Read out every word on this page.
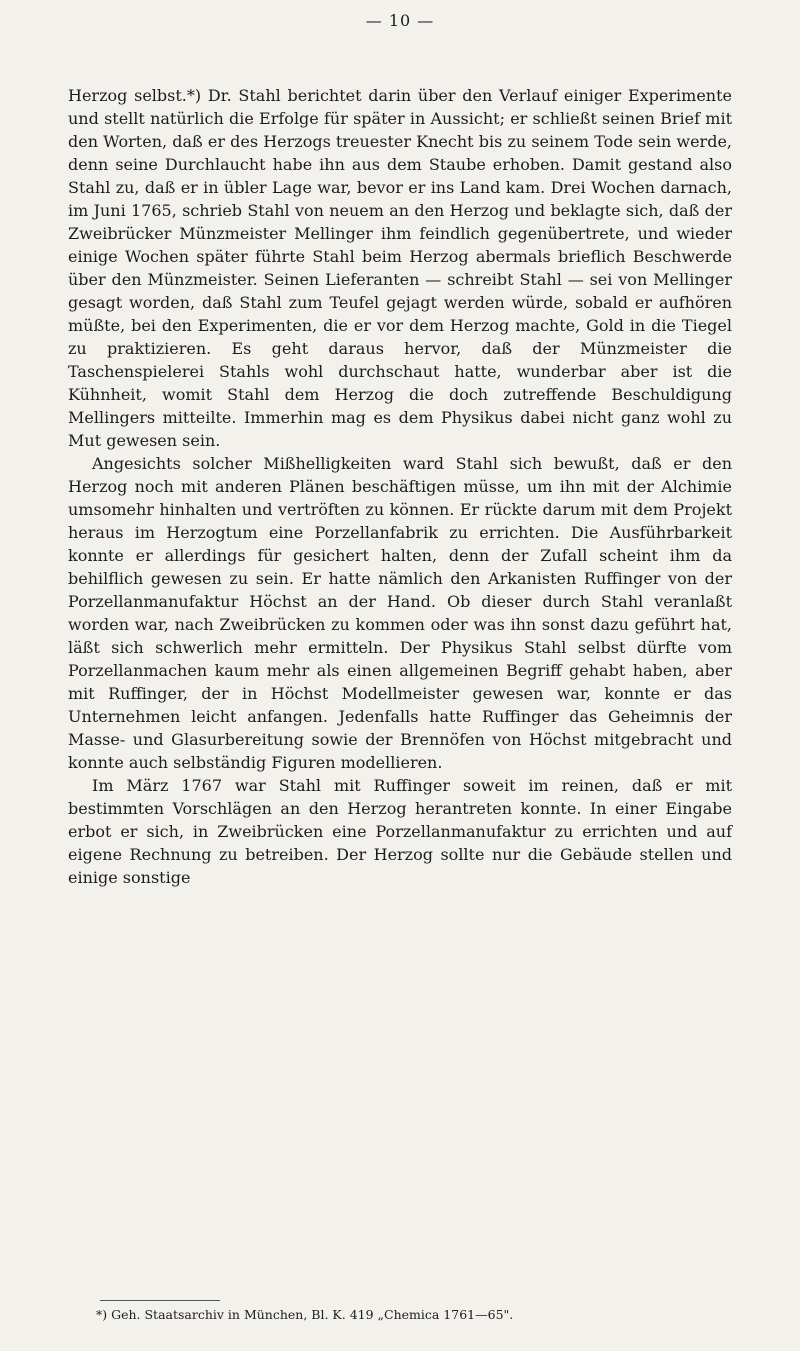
— 10 —

Herzog selbst.*) Dr. Stahl berichtet darin über den Verlauf einiger Experimente und stellt natürlich die Erfolge für später in Aussicht; er schließt seinen Brief mit den Worten, daß er des Herzogs treuester Knecht bis zu seinem Tode sein werde, denn seine Durchlaucht habe ihn aus dem Staube erhoben. Damit gestand also Stahl zu, daß er in übler Lage war, bevor er ins Land kam. Drei Wochen darnach, im Juni 1765, schrieb Stahl von neuem an den Herzog und beklagte sich, daß der Zweibrücker Münzmeister Mellinger ihm feindlich gegenübertrete, und wieder einige Wochen später führte Stahl beim Herzog abermals brieflich Beschwerde über den Münzmeister. Seinen Lieferanten — schreibt Stahl — sei von Mellinger gesagt worden, daß Stahl zum Teufel gejagt werden würde, sobald er aufhören müßte, bei den Experimenten, die er vor dem Herzog machte, Gold in die Tiegel zu praktizieren. Es geht daraus hervor, daß der Münzmeister die Taschenspielerei Stahls wohl durchschaut hatte, wunderbar aber ist die Kühnheit, womit Stahl dem Herzog die doch zutreffende Beschuldigung Mellingers mitteilte. Immerhin mag es dem Physikus dabei nicht ganz wohl zu Mut gewesen sein.

Angesichts solcher Mißhelligkeiten ward Stahl sich bewußt, daß er den Herzog noch mit anderen Plänen beschäftigen müsse, um ihn mit der Alchimie umsomehr hinhalten und vertröften zu können. Er rückte darum mit dem Projekt heraus im Herzogtum eine Porzellanfabrik zu errichten. Die Ausführbarkeit konnte er allerdings für gesichert halten, denn der Zufall scheint ihm da behilflich gewesen zu sein. Er hatte nämlich den Arkanisten Ruffinger von der Porzellanmanufaktur Höchst an der Hand. Ob dieser durch Stahl veranlaßt worden war, nach Zweibrücken zu kommen oder was ihn sonst dazu geführt hat, läßt sich schwerlich mehr ermitteln. Der Physikus Stahl selbst dürfte vom Porzellanmachen kaum mehr als einen allgemeinen Begriff gehabt haben, aber mit Ruffinger, der in Höchst Modellmeister gewesen war, konnte er das Unternehmen leicht anfangen. Jedenfalls hatte Ruffinger das Geheimnis der Masse- und Glasurbereitung sowie der Brennöfen von Höchst mitgebracht und konnte auch selbständig Figuren modellieren.

Im März 1767 war Stahl mit Ruffinger soweit im reinen, daß er mit bestimmten Vorschlägen an den Herzog herantreten konnte. In einer Eingabe erbot er sich, in Zweibrücken eine Porzellanmanufaktur zu errichten und auf eigene Rechnung zu betreiben. Der Herzog sollte nur die Gebäude stellen und einige sonstige

*) Geh. Staatsarchiv in München, Bl. K. 419 „Chemica 1761—65".
